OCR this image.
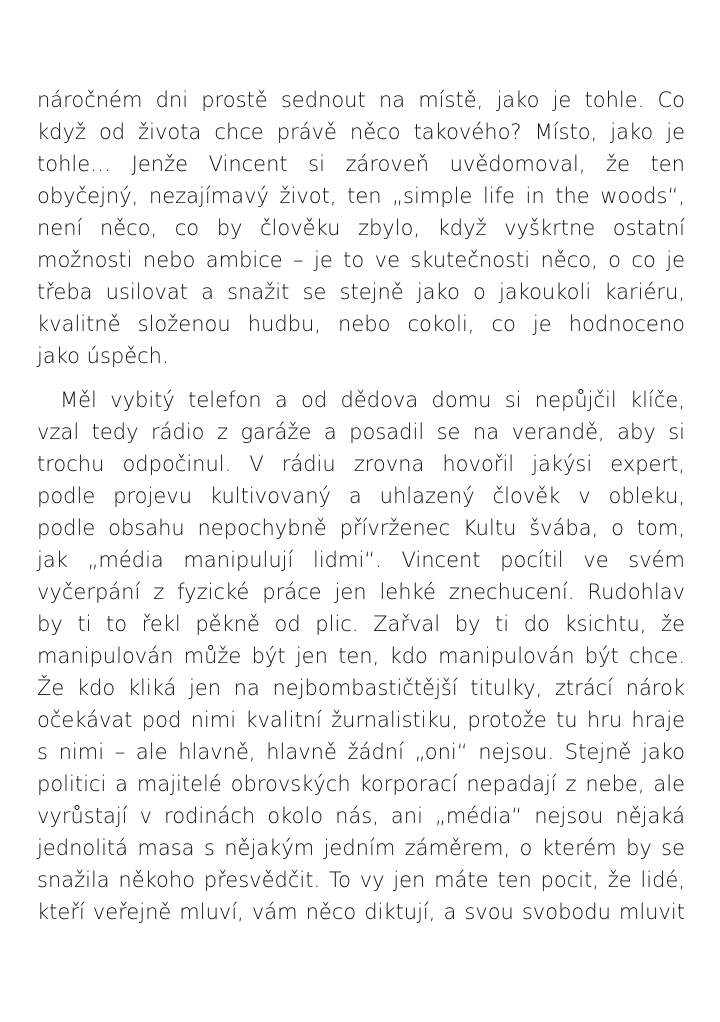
náročném dni prostě sednout na místě, jako je tohle. Co
když od života chce právě něco takového? Místo, jako je
tohle… Jenže Vincent si zároveň uvědomoval, že ten
obyčejný, nezajímavý život, ten „simple life in the woods“,
není něco, co by člověku zbylo, když vyškrtne ostatní
možnosti nebo ambice – je to ve skutečnosti něco, o co je
třeba usilovat a snažit se stejně jako o jakoukoli kariéru,
kvalitně složenou hudbu, nebo cokoli, co je hodnoceno
jako úspěch.

Měl vybitý telefon a od dědova domu si nepůjčil klíče,
vzal tedy rádio z garáže a posadil se na verandě, aby si
trochu odpočinul. V rádiu zrovna hovořil jakýsi expert,
podle projevu kultivovaný a uhlazený člověk v obleku,
podle obsahu nepochybně přívrženec Kultu švába, o tom,
jak „média manipulují lidmi“. Vincent pocítil ve svém
vyčerpání z fyzické práce jen lehké znechucení. Rudohlav
by ti to řekl pěkně od plic. Zařval by ti do ksichtu, že
manipulován může být jen ten, kdo manipulován být chce.
Že kdo kliká jen na nejbombastičtější titulky, ztrácí nárok
očekávat pod nimi kvalitní žurnalistiku, protože tu hru hraje
s nimi – ale hlavně, hlavně žádní „oni“ nejsou. Stejně jako
politici a majitelé obrovských korporací nepadají z nebe, ale
vyrůstají v rodinách okolo nás, ani „média“ nejsou nějaká
jednolitá masa s nějakým jedním záměrem, o kterém by se
snažila někoho přesvědčit. To vy jen máte ten pocit, že lidé,
kteří veřejně mluví, vám něco diktují, a svou svobodu mluvit
